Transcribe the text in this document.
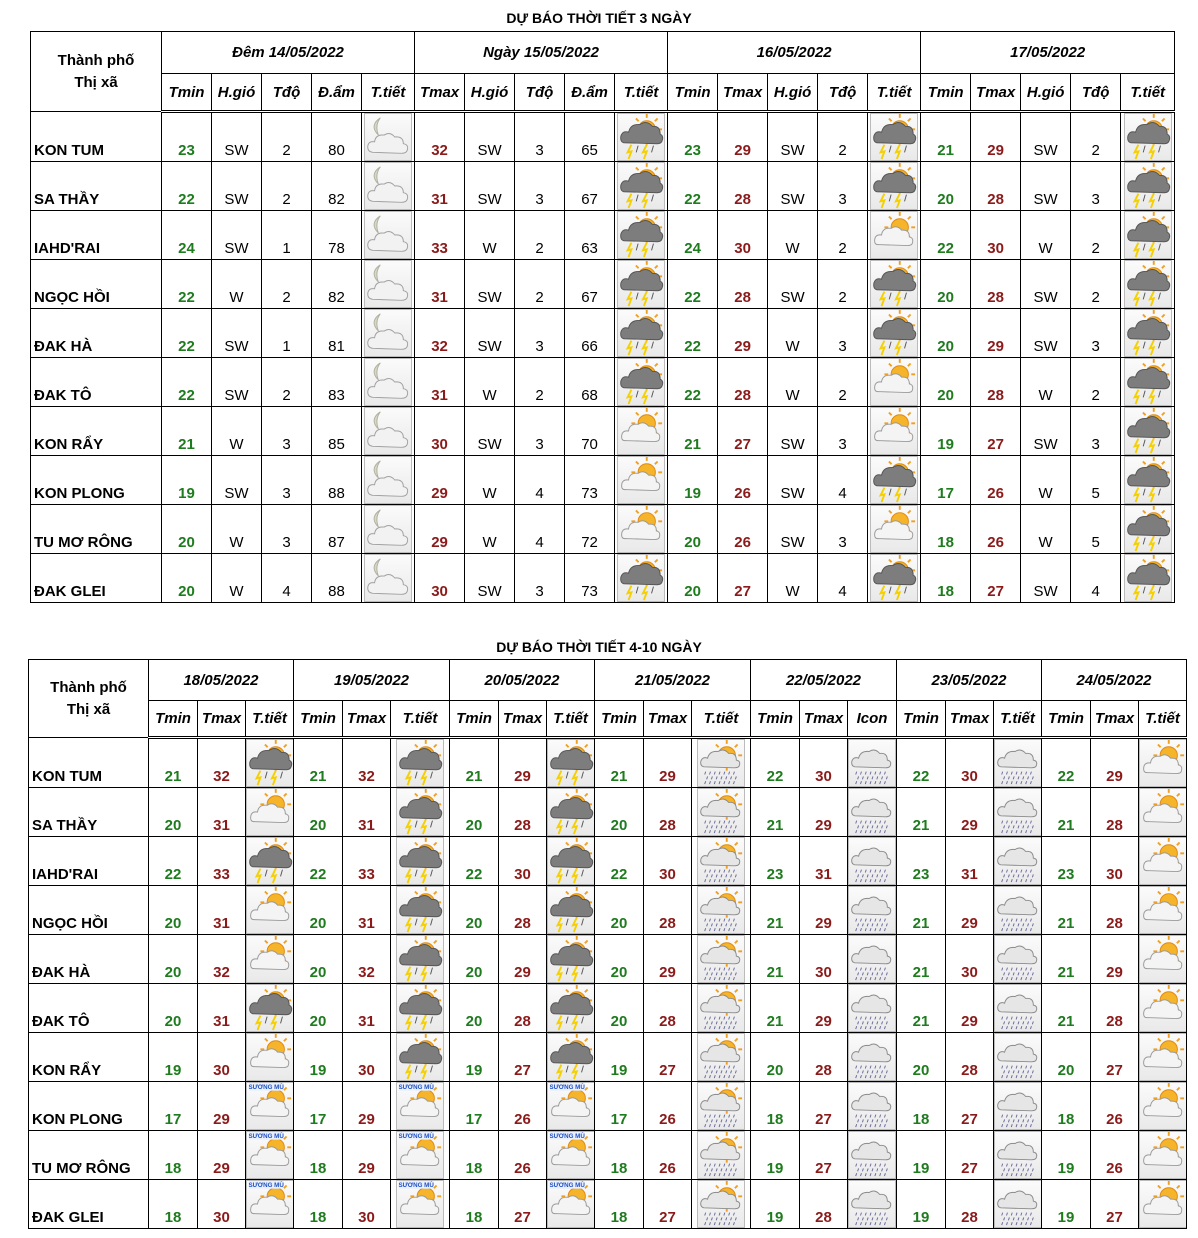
DỰ BÁO THỜI TIẾT 3 NGÀY
Thành phố
Thị xã	Đêm 14/05/2022					Ngày 15/05/2022					16/05/2022					17/05/2022				
	Tmin	H.gió	Tđộ	Đ.ẩm	T.tiết	Tmax	H.gió	Tđộ	Đ.ẩm	T.tiết	Tmin	Tmax	H.gió	Tđộ	T.tiết	Tmin	Tmax	H.gió	Tđộ	T.tiết
KON TUM	23	SW	2	80		32	SW	3	65		23	29	SW	2		21	29	SW	2	

SA THẦY	22	SW	2	82		31	SW	3	67		22	28	SW	3		20	28	SW	3	

IAHD'RAI	24	SW	1	78		33	W	2	63		24	30	W	2		22	30	W	2	

NGỌC HỒI	22	W	2	82		31	SW	2	67		22	28	SW	2		20	28	SW	2	

ĐAK HÀ	22	SW	1	81		32	SW	3	66		22	29	W	3		20	29	SW	3	

ĐAK TÔ	22	SW	2	83		31	W	2	68		22	28	W	2		20	28	W	2	

KON RẨY	21	W	3	85		30	SW	3	70		21	27	SW	3		19	27	SW	3	

KON PLONG	19	SW	3	88		29	W	4	73		19	26	SW	4		17	26	W	5	

TU MƠ RÔNG	20	W	3	87		29	W	4	72		20	26	SW	3		18	26	W	5	

ĐAK GLEI	20	W	4	88		30	SW	3	73		20	27	W	4		18	27	SW	4	
DỰ BÁO THỜI TIẾT 4-10 NGÀY
Thành phố
Thị xã	18/05/2022			19/05/2022			20/05/2022			21/05/2022			22/05/2022			23/05/2022			24/05/2022		
	Tmin	Tmax	T.tiết	Tmin	Tmax	T.tiết	Tmin	Tmax	T.tiết	Tmin	Tmax	T.tiết	Tmin	Tmax	Icon	Tmin	Tmax	T.tiết	Tmin	Tmax	T.tiết
KON TUM	21	32		21	32		21	29		21	29		22	30		22	30		22	29	

SA THẦY	20	31		20	31		20	28		20	28		21	29		21	29		21	28	

IAHD'RAI	22	33		22	33		22	30		22	30		23	31		23	31		23	30	

NGỌC HỒI	20	31		20	31		20	28		20	28		21	29		21	29		21	28	

ĐAK HÀ	20	32		20	32		20	29		20	29		21	30		21	30		21	29	

ĐAK TÔ	20	31		20	31		20	28		20	28		21	29		21	29		21	28	

KON RẨY	19	30		19	30		19	27		19	27		20	28		20	28		20	27	

KON PLONG	17	29	SƯƠNG MÙ	17	29	SƯƠNG MÙ	17	26	SƯƠNG MÙ	17	26		18	27		18	27		18	26	

TU MƠ RÔNG	18	29	SƯƠNG MÙ	18	29	SƯƠNG MÙ	18	26	SƯƠNG MÙ	18	26		19	27		19	27		19	26	

ĐAK GLEI	18	30	SƯƠNG MÙ	18	30	SƯƠNG MÙ	18	27	SƯƠNG MÙ	18	27		19	28		19	28		19	27	
